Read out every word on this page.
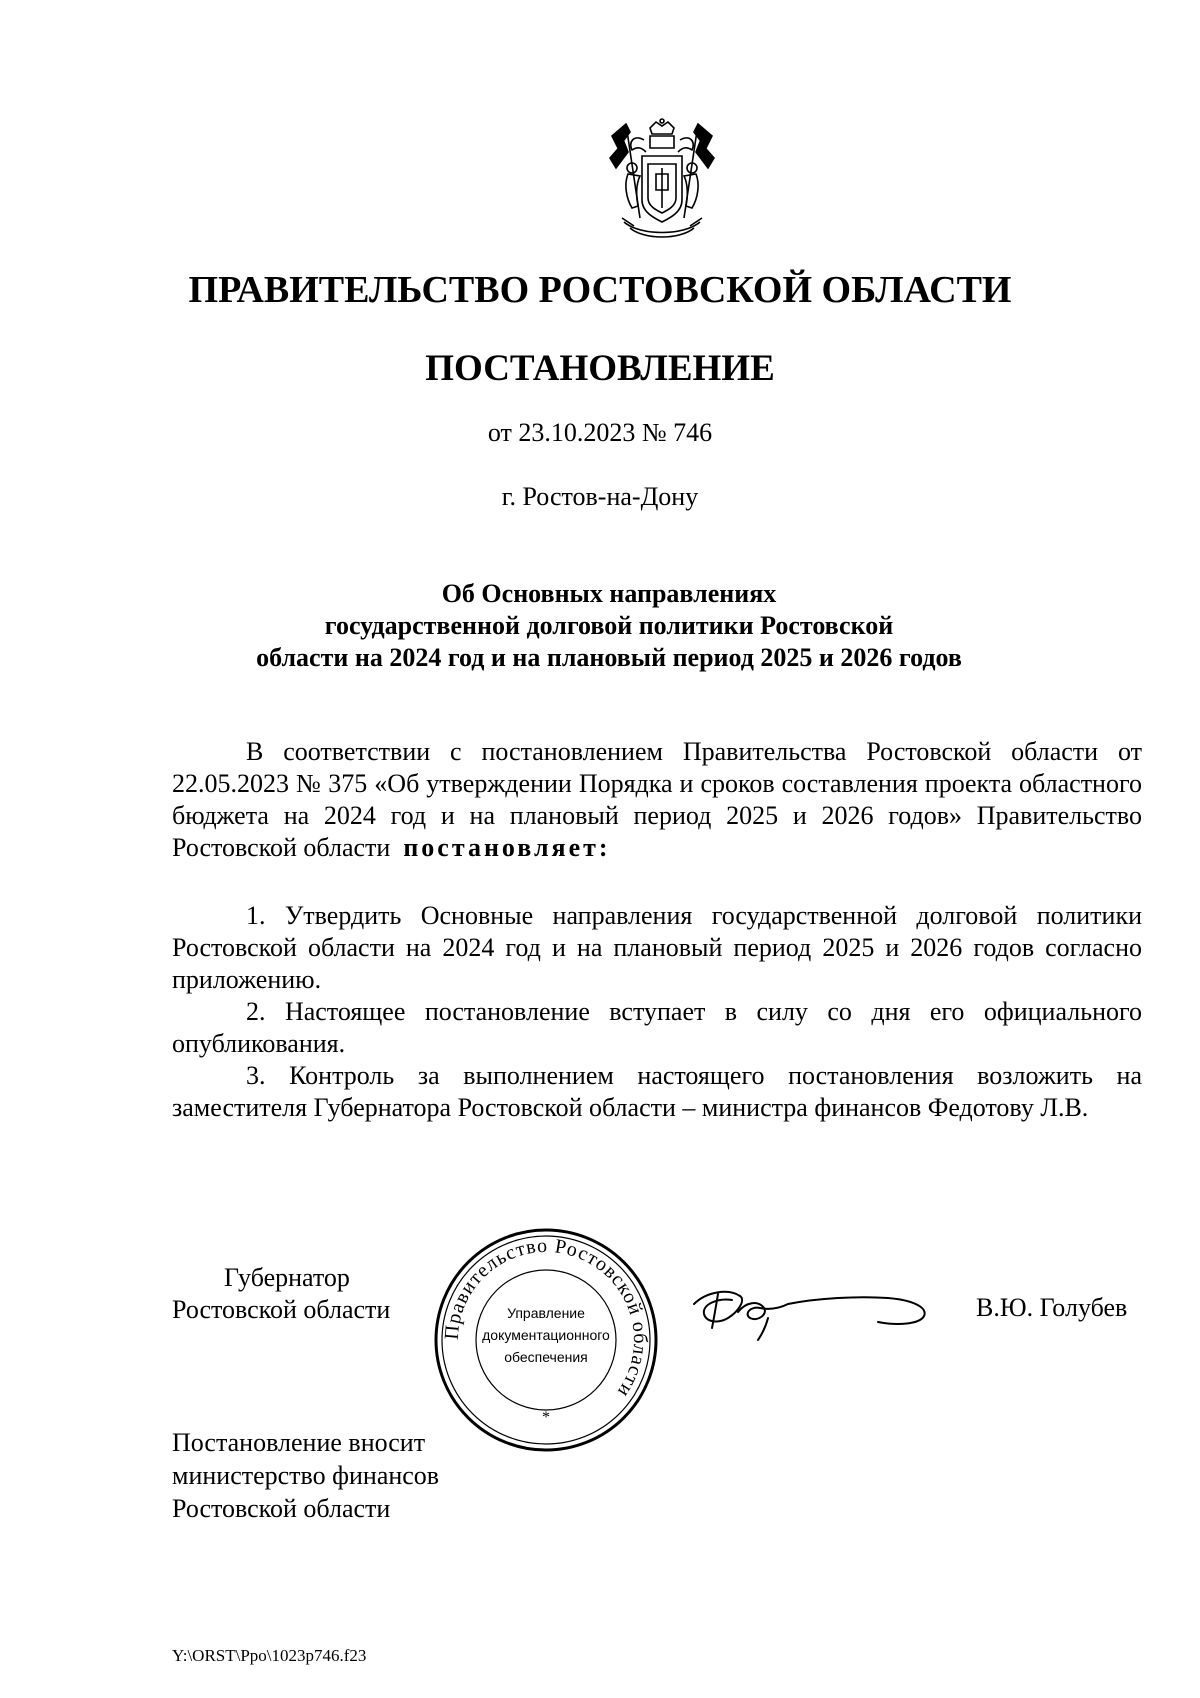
ПРАВИТЕЛЬСТВО РОСТОВСКОЙ ОБЛАСТИ
ПОСТАНОВЛЕНИЕ
от 23.10.2023 № 746
г. Ростов-на-Дону
Об Основных направлениях
государственной долговой политики Ростовской
области на 2024 год и на плановый период 2025 и 2026 годов
В соответствии с постановлением Правительства Ростовской области от 22.05.2023 № 375 «Об утверждении Порядка и сроков составления проекта областного бюджета на 2024 год и на плановый период 2025 и 2026 годов» Правительство Ростовской области постановляет:
1. Утвердить Основные направления государственной долговой политики Ростовской области на 2024 год и на плановый период 2025 и 2026 годов согласно приложению.
2. Настоящее постановление вступает в силу со дня его официального опубликования.
3. Контроль за выполнением настоящего постановления возложить на заместителя Губернатора Ростовской области – министра финансов Федотову Л.В.
Губернатор
Ростовской области
Правительство Ростовской области
Управление
документационного
обеспечения
*
В.Ю. Голубев
Постановление вносит
министерство финансов
Ростовской области
Y:\ORST\Ppo\1023p746.f23
